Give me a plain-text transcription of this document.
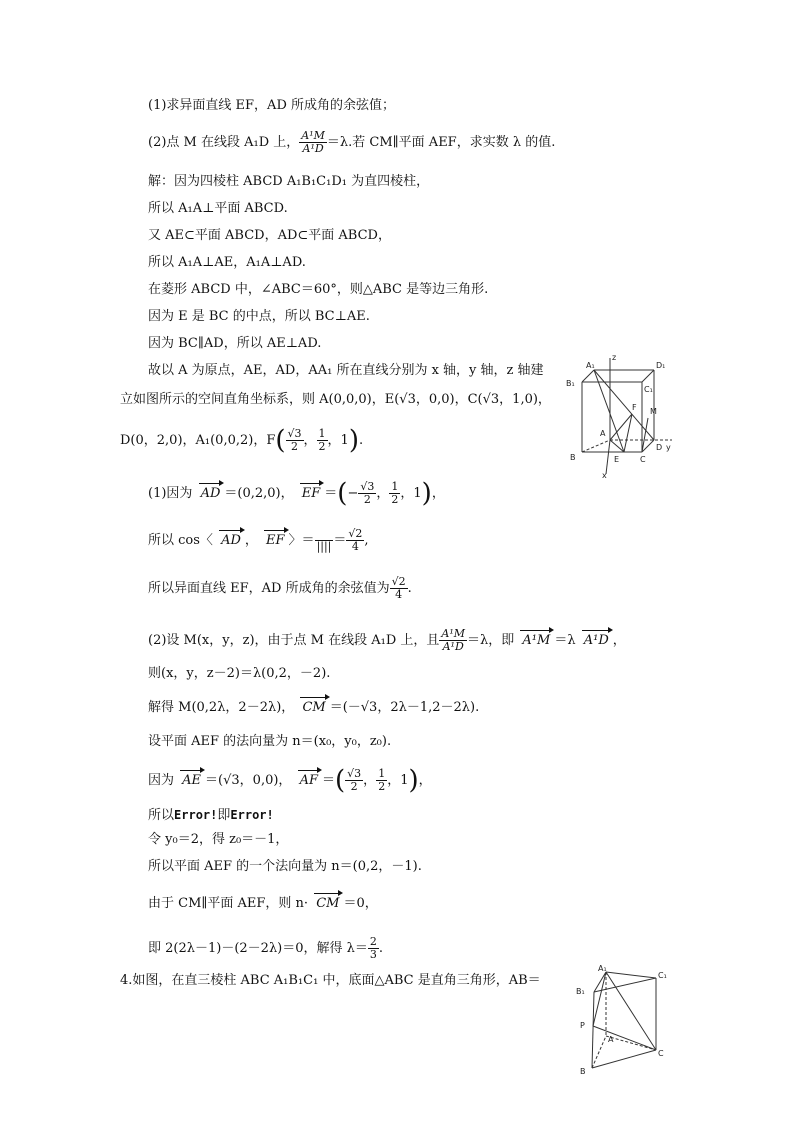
(1)求异面直线 EF，AD 所成角的余弦值；
(2)点 M 在线段 A₁D 上， $\frac{\text{A¹M}}{\text{A¹D}} =\lambda$.若 CM∥平面 AEF，求实数 λ 的值.
解：因为四棱柱 ABCD A₁B₁C₁D₁ 为直四棱柱，
所以 A₁A⊥平面 ABCD.
又 AE⊂平面 ABCD，AD⊂平面 ABCD，
所以 A₁A⊥AE，A₁A⊥AD.
在菱形 ABCD 中，∠ABC＝60°，则△ABC 是等边三角形.
因为 E 是 BC 的中点，所以 BC⊥AE.
因为 BC∥AD，所以 AE⊥AD.
故以 A 为原点，AE，AD，AA₁ 所在直线分别为 x 轴，y 轴，z 轴建
立如图所示的空间直角坐标系，则 A(0,0,0)，E(√3，0,0)，C(√3，1,0)，
D(0，2,0)，A₁(0,0,2)，$F( \frac{√3}{2}$ ， $\frac{1}{2}$ ，1).
(1)因为 AD ＝(0,2,0)， EF ＝(− $\frac{√3}{2}$ ， $\frac{1}{2}$ ，1)，
所以 cos〈 AD ， EF 〉＝
|||| ＝ $\frac{√2}{4}$ ,
所以异面直线 EF，AD 所成角的余弦值为 $\frac{√2}{4}$ .
(2)设 M(x，y，z)，由于点 M 在线段 A₁D 上，且 $\frac{\text{A¹M}}{\text{A¹D}} =\lambda$，即 A¹M ＝λ A¹D ，
则(x，y，z－2)＝λ(0,2，－2).
解得 M(0,2λ，2－2λ)， CM ＝(－√3，2λ－1,2－2λ).
设平面 AEF 的法向量为 n＝(x₀，y₀，z₀).
因为 AE ＝(√3，0,0)， AF ＝( $\frac{√3}{2}$ ， $\frac{1}{2}$ ，1)，
所以Error!即Error!
令 y₀＝2，得 z₀＝－1，
所以平面 AEF 的一个法向量为 n＝(0,2，－1).
由于 CM∥平面 AEF，则 n· CM ＝0，
即 2(2λ－1)－(2－2λ)＝0，解得 $\lambda= \frac{2}{3}$ .
4.如图，在直三棱柱 ABC A₁B₁C₁ 中，底面△ABC 是直角三角形，AB＝
z
A₁	D₁
B₁
C₁
F M
A
B	E	C
D y
x
A₁
C₁
B₁
P
A
C
B
